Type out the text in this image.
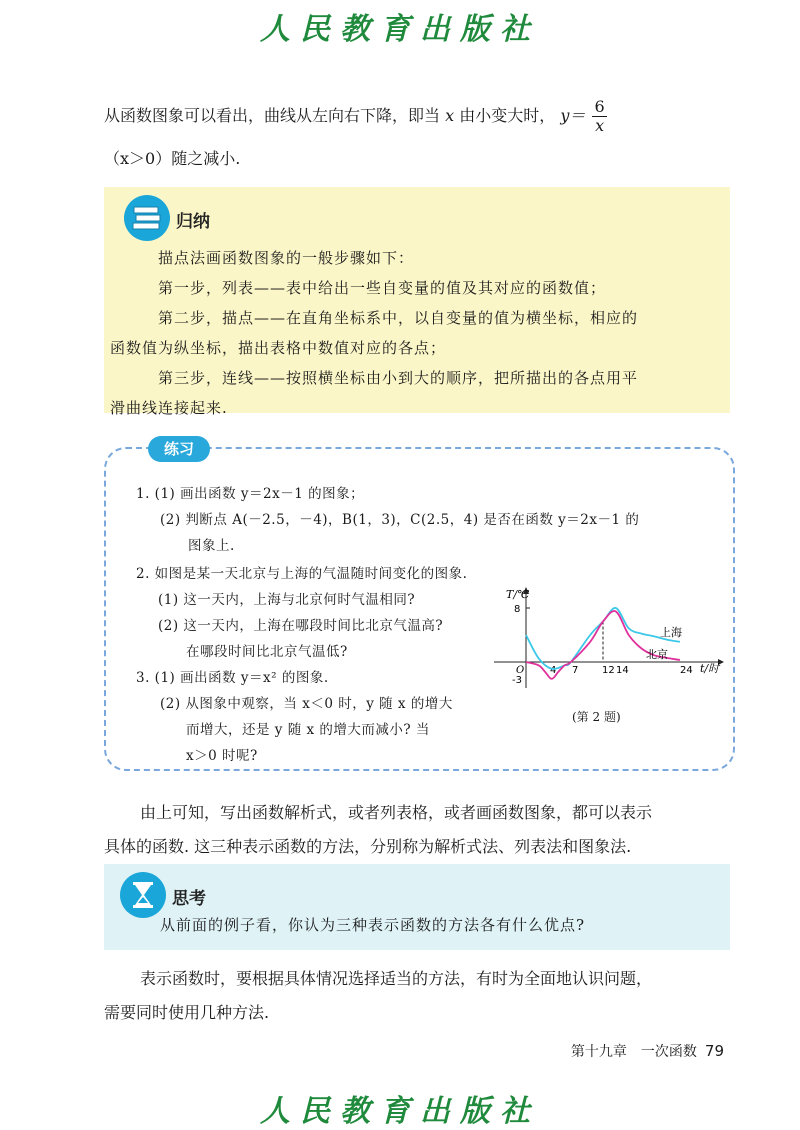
人民教育出版社
从函数图象可以看出，曲线从左向右下降，即当 x 由小变大时， $y= \frac{6}{x}$
（x＞0）随之减小.
归纳
描点法画函数图象的一般步骤如下：
第一步，列表——表中给出一些自变量的值及其对应的函数值；
第二步，描点——在直角坐标系中，以自变量的值为横坐标，相应的
函数值为纵坐标，描出表格中数值对应的各点；
第三步，连线——按照横坐标由小到大的顺序，把所描出的各点用平
滑曲线连接起来.
练习
1. (1) 画出函数 y＝2x－1 的图象；
(2) 判断点 A(－2.5，－4)，B(1，3)，C(2.5，4) 是否在函数 y＝2x－1 的
图象上.
2. 如图是某一天北京与上海的气温随时间变化的图象.
(1) 这一天内，上海与北京何时气温相同?
(2) 这一天内，上海在哪段时间比北京气温高?
在哪段时间比北京气温低?
3. (1) 画出函数 y＝x² 的图象.
(2) 从图象中观察，当 x＜0 时，y 随 x 的增大
而增大，还是 y 随 x 的增大而减小? 当
x＞0 时呢?
T/℃
8
-3
O	4 7 12 14	24 t/时
上海
北京
(第 2 题)
由上可知，写出函数解析式，或者列表格，或者画函数图象，都可以表示
具体的函数. 这三种表示函数的方法，分别称为解析式法、列表法和图象法.
思考
从前面的例子看，你认为三种表示函数的方法各有什么优点?
表示函数时，要根据具体情况选择适当的方法，有时为全面地认识问题，
需要同时使用几种方法.
第十九章　一次函数 79
人民教育出版社
